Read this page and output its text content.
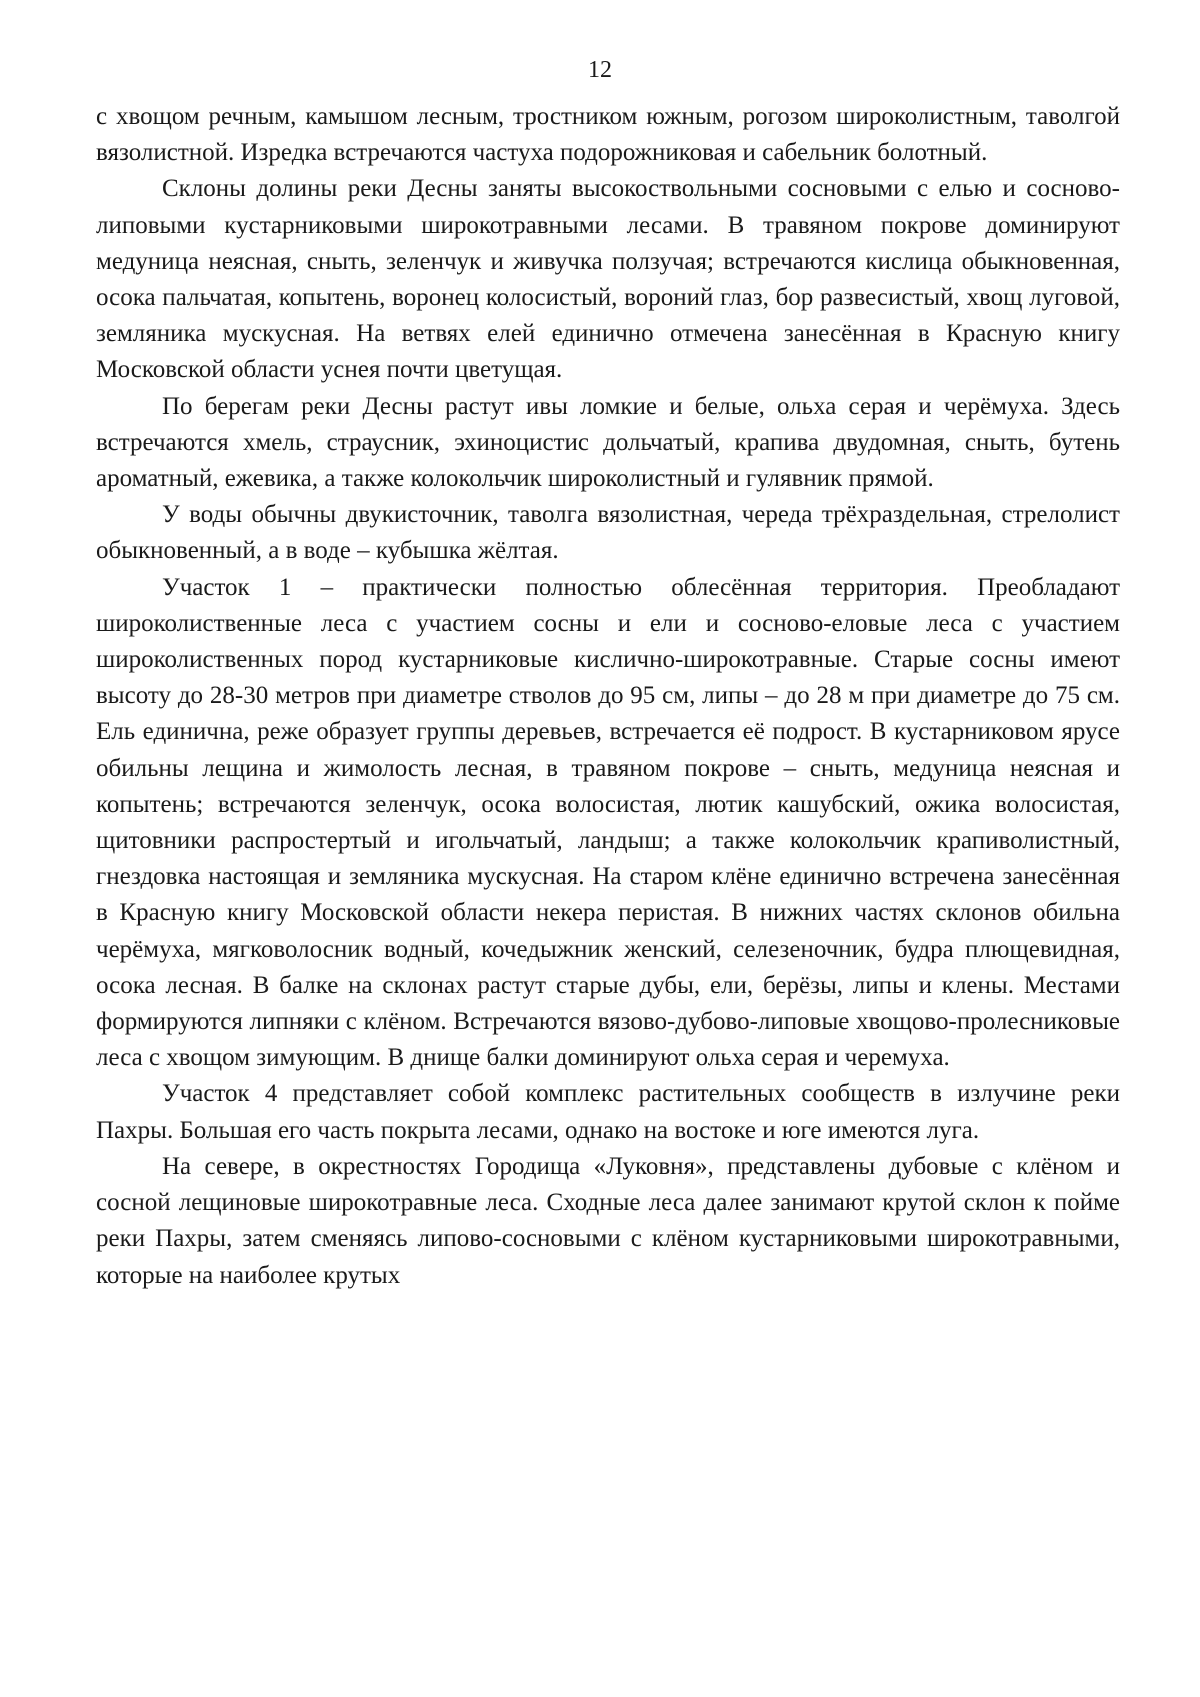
12

с хвощом речным, камышом лесным, тростником южным, рогозом широколистным, таволгой вязолистной. Изредка встречаются частуха подорожниковая и сабельник болотный.

Склоны долины реки Десны заняты высокоствольными сосновыми с елью и сосново-липовыми кустарниковыми широкотравными лесами. В травяном покрове доминируют медуница неясная, сныть, зеленчук и живучка ползучая; встречаются кислица обыкновенная, осока пальчатая, копытень, воронец колосистый, вороний глаз, бор развесистый, хвощ луговой, земляника мускусная. На ветвях елей единично отмечена занесённая в Красную книгу Московской области уснея почти цветущая.

По берегам реки Десны растут ивы ломкие и белые, ольха серая и черёмуха. Здесь встречаются хмель, страусник, эхиноцистис дольчатый, крапива двудомная, сныть, бутень ароматный, ежевика, а также колокольчик широколистный и гулявник прямой.

У воды обычны двукисточник, таволга вязолистная, череда трёхраздельная, стрелолист обыкновенный, а в воде – кубышка жёлтая.

Участок 1 – практически полностью облесённая территория. Преобладают широколиственные леса с участием сосны и ели и сосново-еловые леса с участием широколиственных пород кустарниковые кислично-широкотравные. Старые сосны имеют высоту до 28-30 метров при диаметре стволов до 95 см, липы – до 28 м при диаметре до 75 см. Ель единична, реже образует группы деревьев, встречается её подрост. В кустарниковом ярусе обильны лещина и жимолость лесная, в травяном покрове – сныть, медуница неясная и копытень; встречаются зеленчук, осока волосистая, лютик кашубский, ожика волосистая, щитовники распростертый и игольчатый, ландыш; а также колокольчик крапиволистный, гнездовка настоящая и земляника мускусная. На старом клёне единично встречена занесённая в Красную книгу Московской области некера перистая. В нижних частях склонов обильна черёмуха, мягковолосник водный, кочедыжник женский, селезеночник, будра плющевидная, осока лесная. В балке на склонах растут старые дубы, ели, берёзы, липы и клены. Местами формируются липняки с клёном. Встречаются вязово-дубово-липовые хвощово-пролесниковые леса с хвощом зимующим. В днище балки доминируют ольха серая и черемуха.

Участок 4 представляет собой комплекс растительных сообществ в излучине реки Пахры. Большая его часть покрыта лесами, однако на востоке и юге имеются луга.

На севере, в окрестностях Городища «Луковня», представлены дубовые с клёном и сосной лещиновые широкотравные леса. Сходные леса далее занимают крутой склон к пойме реки Пахры, затем сменяясь липово-сосновыми с клёном кустарниковыми широкотравными, которые на наиболее крутых
